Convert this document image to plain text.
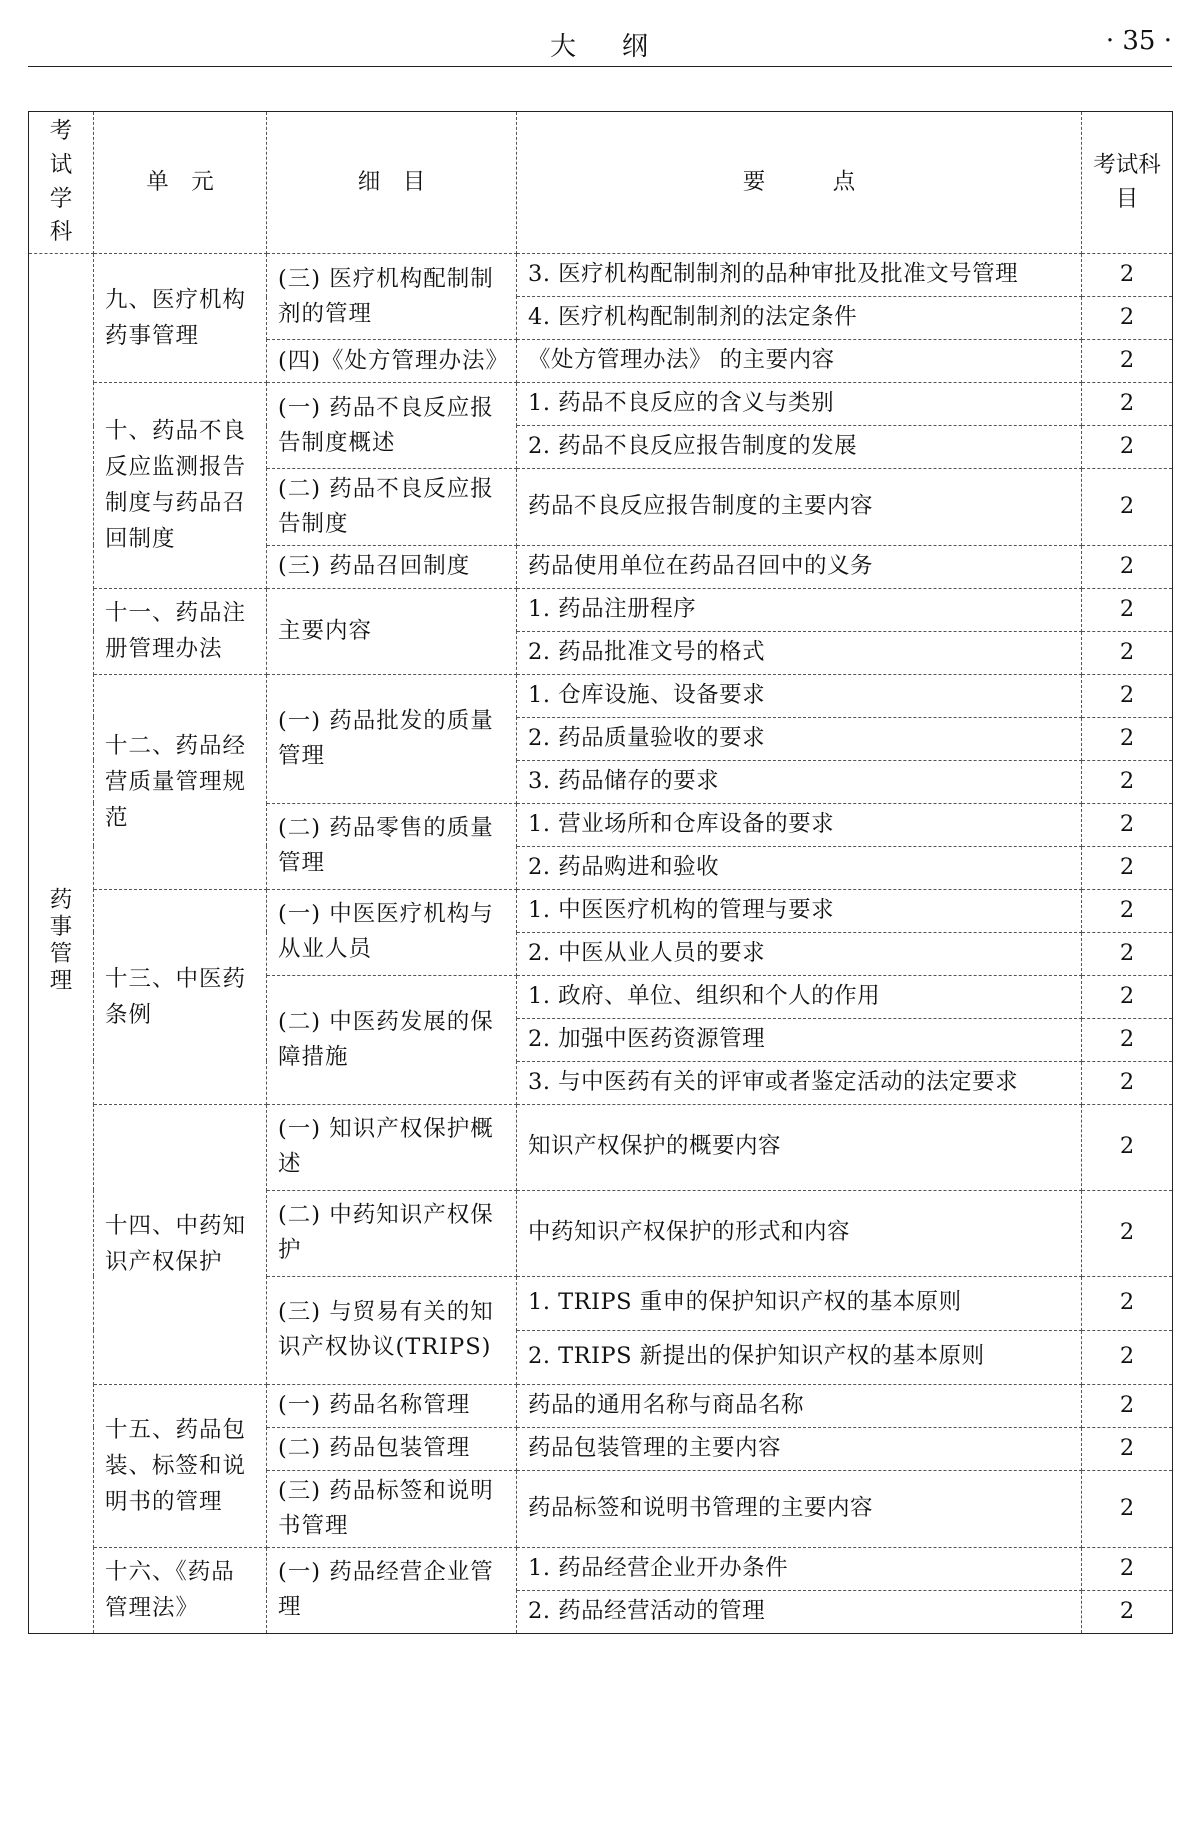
大 纲	· 35 ·
考试学科	单　元	细　目	要　　　点	考试科目
药事管理	九、医疗机构药事管理	(三) 医疗机构配制制剂的管理	3. 医疗机构配制制剂的品种审批及批准文号管理	2
			4. 医疗机构配制制剂的法定条件	2
		(四)《处方管理办法》	《处方管理办法》 的主要内容	2
	十、药品不良反应监测报告制度与药品召回制度	(一) 药品不良反应报告制度概述	1. 药品不良反应的含义与类别	2
			2. 药品不良反应报告制度的发展	2
		(二) 药品不良反应报告制度	药品不良反应报告制度的主要内容	2
		(三) 药品召回制度	药品使用单位在药品召回中的义务	2
	十一、药品注册管理办法	主要内容	1. 药品注册程序	2
			2. 药品批准文号的格式	2
	十二、药品经营质量管理规范	(一) 药品批发的质量管理	1. 仓库设施、设备要求	2
			2. 药品质量验收的要求	2
			3. 药品储存的要求	2
		(二) 药品零售的质量管理	1. 营业场所和仓库设备的要求	2
			2. 药品购进和验收	2
	十三、中医药条例	(一) 中医医疗机构与从业人员	1. 中医医疗机构的管理与要求	2
			2. 中医从业人员的要求	2
		(二) 中医药发展的保障措施	1. 政府、单位、组织和个人的作用	2
			2. 加强中医药资源管理	2
			3. 与中医药有关的评审或者鉴定活动的法定要求	2
	十四、中药知识产权保护	(一) 知识产权保护概述	知识产权保护的概要内容	2
		(二) 中药知识产权保护	中药知识产权保护的形式和内容	2
		(三) 与贸易有关的知识产权协议(TRIPS)	1. TRIPS 重申的保护知识产权的基本原则	2
			2. TRIPS 新提出的保护知识产权的基本原则	2
	十五、药品包装、标签和说明书的管理	(一) 药品名称管理	药品的通用名称与商品名称	2
		(二) 药品包装管理	药品包装管理的主要内容	2
		(三) 药品标签和说明书管理	药品标签和说明书管理的主要内容	2
	十六、《药品管理法》	(一) 药品经营企业管理	1. 药品经营企业开办条件	2
			2. 药品经营活动的管理	2
